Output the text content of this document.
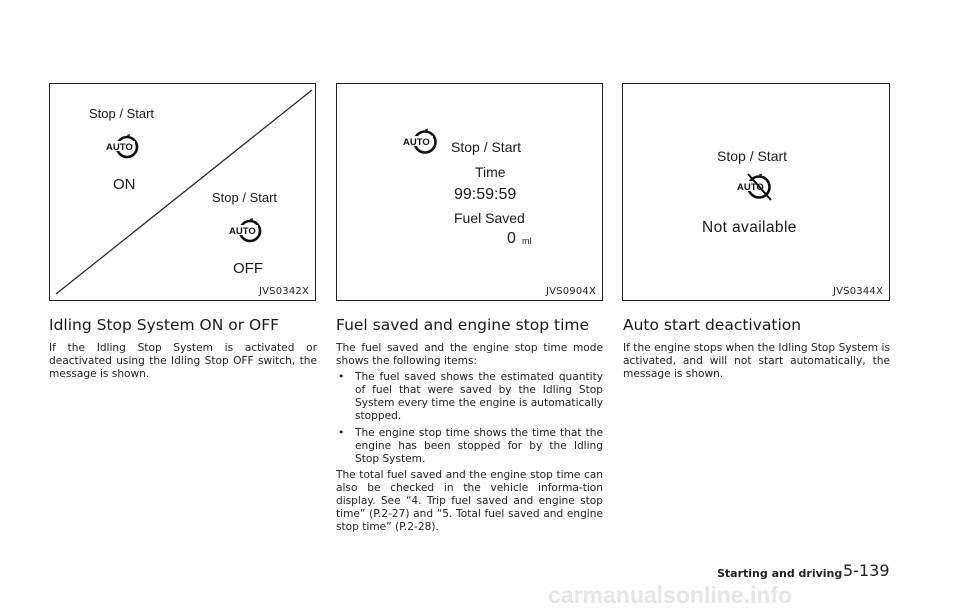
Stop / Start
AUTO
ON
Stop / Start
AUTO
OFF
JVS0342X
AUTO Stop / Start
Time
99:59:59
Fuel Saved
0 ml
JVS0904X
Stop / Start
AUTO
Not available
JVS0344X
Idling Stop System ON or OFF	Fuel saved and engine stop time Auto start deactivation

If the Idling Stop System is activated or deactivated using the Idling Stop OFF switch, the message is shown.

The fuel saved and the engine stop time mode shows the following items:

• The fuel saved shows the estimated quantity of fuel that were saved by the Idling Stop System every time the engine is automatically stopped.
• The engine stop time shows the time that the engine has been stopped for by the Idling Stop System.

The total fuel saved and the engine stop time can also be checked in the vehicle informa-tion display. See “4. Trip fuel saved and engine stop time” (P.2-27) and “5. Total fuel saved and engine stop time” (P.2-28).

If the engine stops when the Idling Stop System is activated, and will not start automatically, the message is shown.

Starting and driving 5-139
carmanualsonline.info
